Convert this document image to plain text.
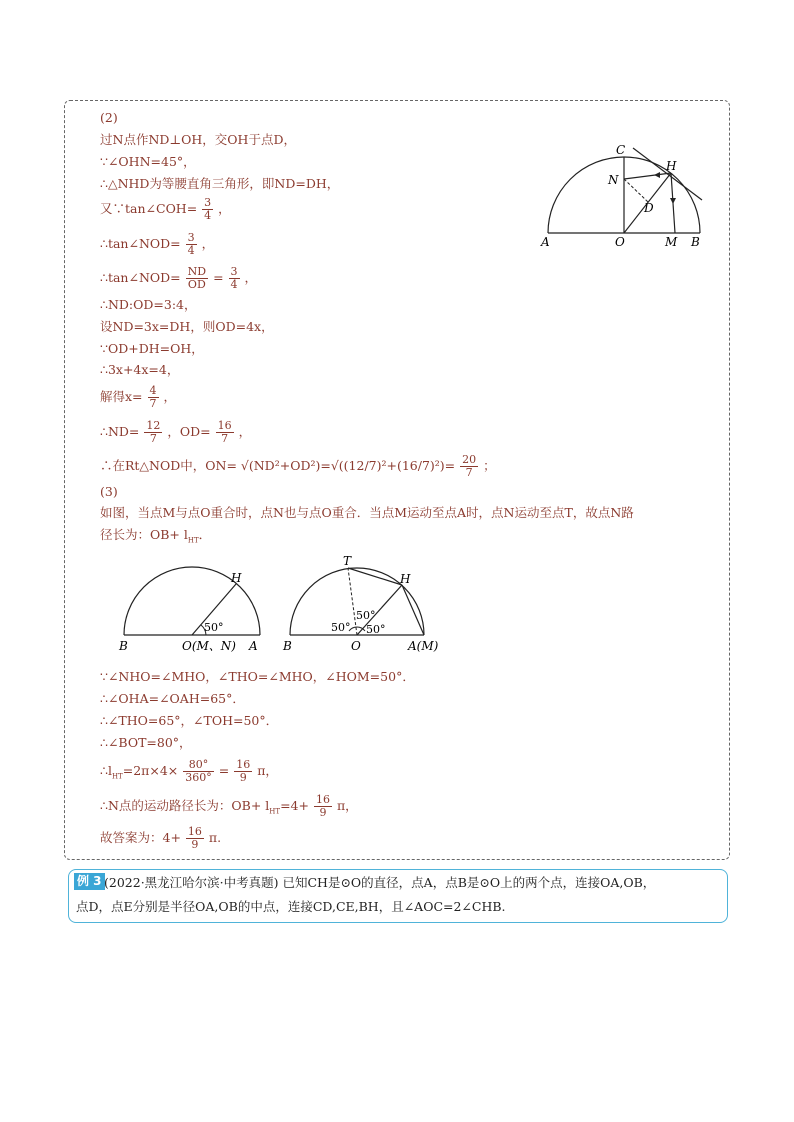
(2)
过N点作ND⊥OH，交OH于点D，
∵∠OHN=45°，
∴△NHD为等腰直角三角形，即ND=DH，
又∵tan∠COH= $\frac{3}{4}$ ，
∴tan∠NOD= $\frac{3}{4}$ ，
∴tan∠NOD= $\frac{ND}{OD} = \frac{3}{4}$ ，
∴ND:OD=3:4，
设ND=3x=DH，则OD=4x，
∵OD+DH=OH，
∴3x+4x=4，
解得$x= \frac{4}{7}$ ，
∴ND= $\frac{12}{7}$ ，$OD= \frac{16}{7}$ ，
∴在Rt△NOD中，$ON= √(ND^2+OD^2)=√((12/7)^2+(16/7)^2)= \frac{20}{7}$ ；
C
H
N
D
A	O	M B
(3)
如图，当点M与点O重合时，点N也与点O重合．当点M运动至点A时，点N运动至点T，故点N路
径长为：$OB+ l_{HT}$．
H
50°
B	O(M、N) A
T
H
50°
50° 50°
B	O	A(M)
∵∠NHO=∠MHO，∠THO=∠MHO，∠HOM=50°．
∴∠OHA=∠OAH=65°．
∴∠THO=65°，∠TOH=50°．
∴∠BOT=80°，
$\therefore l_{HT}=2\pi\times 4\times \frac{80^\circ}{360^\circ} = \frac{16}{9}$ π，
∴N点的运动路径长为：$OB+ l_{HT}=4+ \frac{16}{9}$ π，
故答案为：$4+ \frac{16}{9} \pi$.
例 3 (2022·黑龙江哈尔滨·中考真题) 已知CH是⊙O的直径，点A，点B是⊙O上的两个点，连接OA,OB，
点D，点E分别是半径OA,OB的中点，连接CD,CE,BH，且∠AOC=2∠CHB.
